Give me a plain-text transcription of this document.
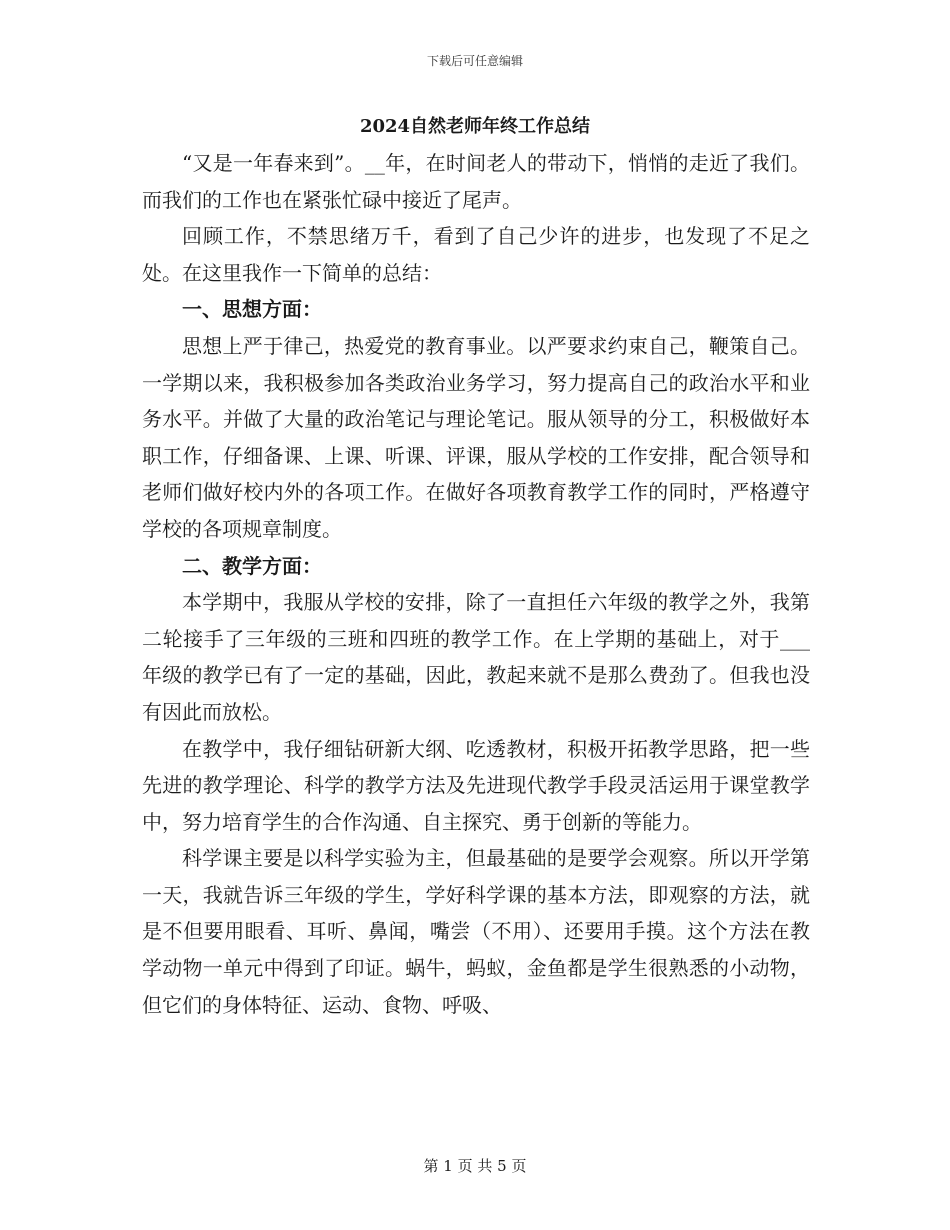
下载后可任意编辑
2024自然老师年终工作总结

“又是一年春来到”。__年，在时间老人的带动下，悄悄的走近了我们。而我们的工作也在紧张忙碌中接近了尾声。

回顾工作，不禁思绪万千，看到了自己少许的进步，也发现了不足之处。在这里我作一下简单的总结：

一、思想方面：

思想上严于律己，热爱党的教育事业。以严要求约束自己，鞭策自己。一学期以来，我积极参加各类政治业务学习，努力提高自己的政治水平和业务水平。并做了大量的政治笔记与理论笔记。服从领导的分工，积极做好本职工作，仔细备课、上课、听课、评课，服从学校的工作安排，配合领导和老师们做好校内外的各项工作。在做好各项教育教学工作的同时，严格遵守学校的各项规章制度。

二、教学方面：

本学期中，我服从学校的安排，除了一直担任六年级的教学之外，我第二轮接手了三年级的三班和四班的教学工作。在上学期的基础上，对于___年级的教学已有了一定的基础，因此，教起来就不是那么费劲了。但我也没有因此而放松。

在教学中，我仔细钻研新大纲、吃透教材，积极开拓教学思路，把一些先进的教学理论、科学的教学方法及先进现代教学手段灵活运用于课堂教学中，努力培育学生的合作沟通、自主探究、勇于创新的等能力。

科学课主要是以科学实验为主，但最基础的是要学会观察。所以开学第一天，我就告诉三年级的学生，学好科学课的基本方法，即观察的方法，就是不但要用眼看、耳听、鼻闻，嘴尝（不用）、还要用手摸。这个方法在教学动物一单元中得到了印证。蜗牛，蚂蚁，金鱼都是学生很熟悉的小动物，但它们的身体特征、运动、食物、呼吸、

第 1 页 共 5 页
